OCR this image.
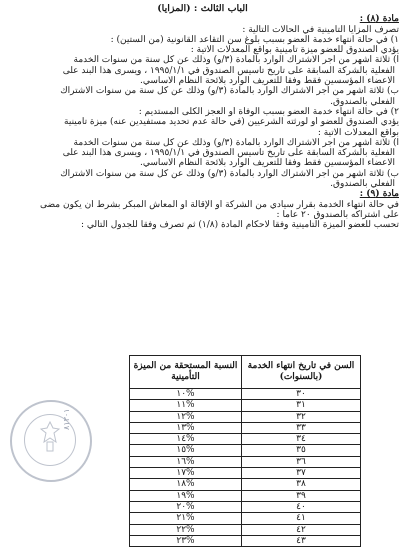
الباب الثالث : (المزايا)
مادة (٨) :
تصرف المزايا التأمينية في الحالات التالية :
١) في حالة انتهاء خدمة العضو بسبب بلوغ سن التقاعد القانونية (من الستين) :
يؤدي الصندوق للعضو ميزة تأمينية بواقع المعدلات الآتية :
أ) ثلاثة أشهر من أجر الاشتراك الوارد بالمادة (٣/و) وذلك عن كل سنة من سنوات الخدمة
الفعلية بالشركة السابقة على تاريخ تأسيس الصندوق في ١٩٩٥/١/١ ، ويسرى هذا البند على
الاعضاء المؤسسين فقط وفقاً للتعريف الوارد بلائحة النظام الأساسي.
ب) ثلاثة أشهر من أجر الاشتراك الوارد بالمادة (٣/و) وذلك عن كل سنة من سنوات الاشتراك
الفعلي بالصندوق.
٢) في حالة انتهاء خدمة العضو بسبب الوفاة أو العجز الكلى المستديم :
يؤدي الصندوق للعضو أو لورثته الشرعيين (في حالة عدم تحديد مستفيدين عنه) ميزة تأمينية
بواقع المعدلات الآتية :
أ) ثلاثة أشهر من أجر الاشتراك الوارد بالمادة (٣/و) وذلك عن كل سنة من سنوات الخدمة
الفعلية بالشركة السابقة على تاريخ تأسيس الصندوق في ١٩٩٥/١/١ ، ويسرى هذا البند على
الاعضاء المؤسسين فقط وفقاً للتعريف الوارد بلائحة النظام الأساسي.
ب) ثلاثة أشهر من أجر الاشتراك الوارد بالمادة (٣/و) وذلك عن كل سنة من سنوات الاشتراك
الفعلي بالصندوق.
مادة (٩) :
في حالة انتهاء الخدمة بقرار سيادي من الشركة أو الإقالة أو المعاش المبكر بشرط أن يكون مضى
على اشتراكه بالصندوق ٢٠ عاماً :
تحسب للعضو الميزة التأمينية وفقاً لاحكام المادة (١/٨) ثم تصرف وفقاً للجدول التالي :
السن في تاريخ انتهاء الخدمة (بالسنوات)	النسبة المستحقة من الميزة التأمينية
٣٠	%١٠
٣١	%١١
٣٢	%١٢
٣٣	%١٣
٣٤	%١٤
٣٥	%١٥
٣٦	%١٦
٣٧	%١٧
٣٨	%١٨
٣٩	%١٩
٤٠	%٢٠
٤١	%٢١
٤٢	%٢٢
٤٣	%٢٣
٨١٣٠١
